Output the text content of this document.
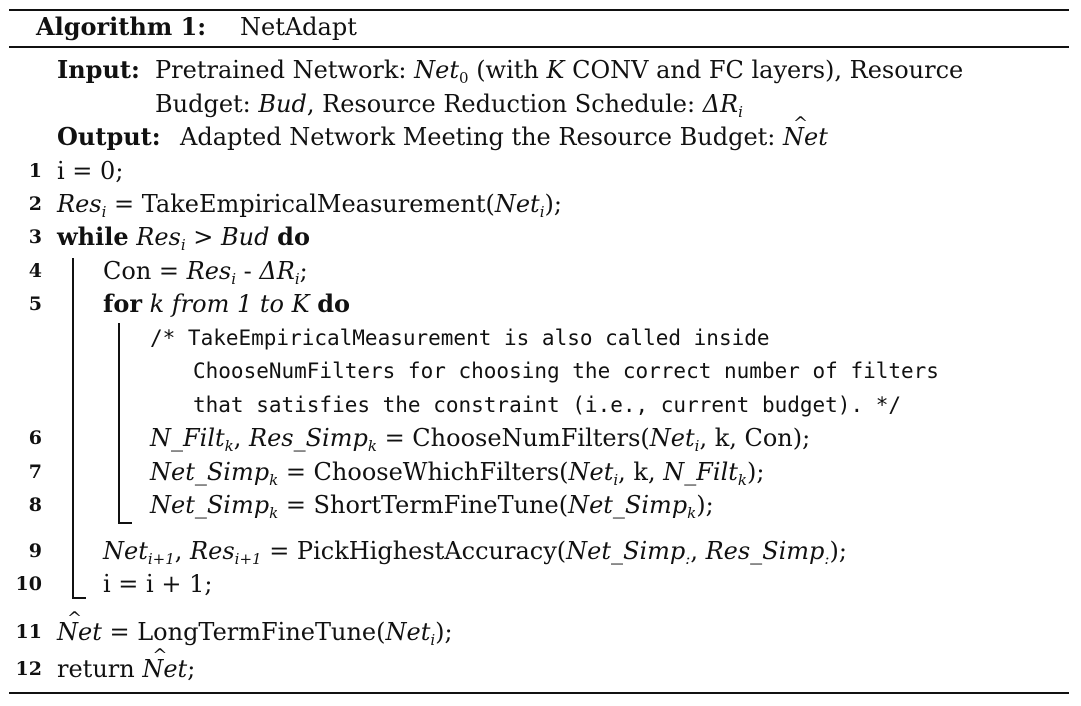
Algorithm 1: NetAdapt
Input: Pretrained Network: Net$_0$ (with K CONV and FC layers), Resource
Budget: Bud, Resource Reduction Schedule: $\Delta R_i$
Output: Adapted Network Meeting the Resource Budget: ^ Net
1 i = 0;
2 Res$_i$ = TakeEmpiricalMeasurement(Net$_i$);
3 while Res$_i$ > Bud do
4	Con = $Res_i - \Delta R_i$;
5	for k from 1 to K do
/* TakeEmpiricalMeasurement is also called inside
ChooseNumFilters for choosing the correct number of filters
that satisfies the constraint (i.e., current budget). */
6	N_Filt$_k$, Res_Simp$_k$ = ChooseNumFilters(Net$_i$, k, Con);
7	Net_Simp$_k$ = ChooseWhichFilters(Net$_i$, k, N_Filt$_k$);
8	Net_Simp$_k$ = ShortTermFineTune(Net_Simp$_k$);
9	Net$_{i+1}$, Res$_{i+1}$ = PickHighestAccuracy(Net_Simp$_:$, Res_Simp$_:$);
10	i = i + 1;
11
^ Net = LongTermFineTune(Net$_i$);
12 return ^ Net;
